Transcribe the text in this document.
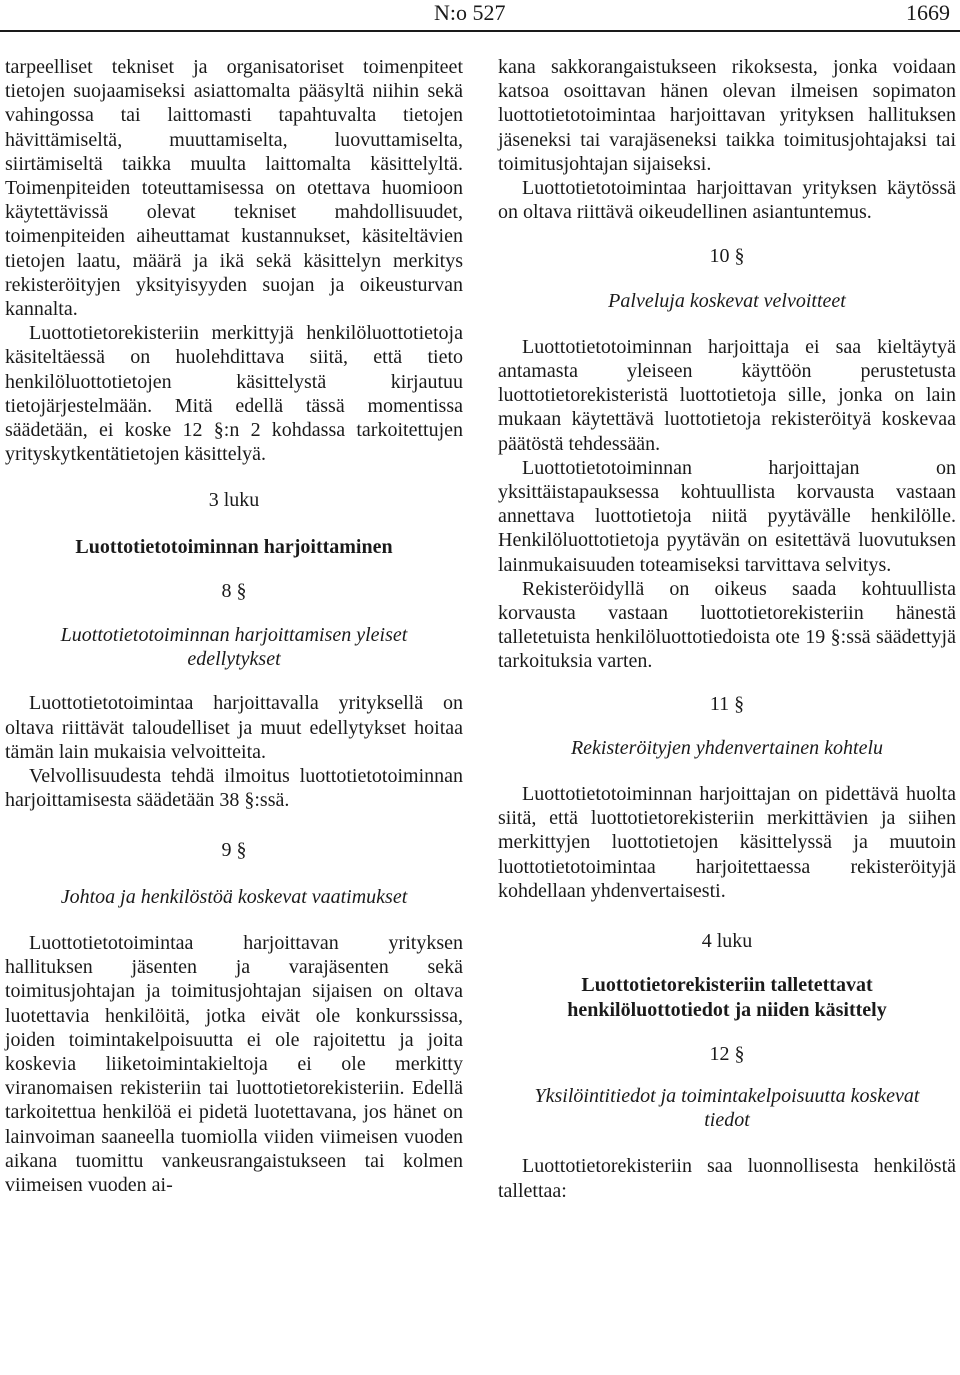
N:o 527	1669

tarpeelliset tekniset ja organisatoriset toimenpiteet tietojen suojaamiseksi asiattomalta pääsyltä niihin sekä vahingossa tai laittomasti tapahtuvalta tietojen hävittämiseltä, muuttamiselta, luovuttamiselta, siirtämiseltä taikka muulta laittomalta käsittelyltä. Toimenpiteiden toteuttamisessa on otettava huomioon käytettävissä olevat tekniset mahdollisuudet, toimenpiteiden aiheuttamat kustannukset, käsiteltävien tietojen laatu, määrä ja ikä sekä käsittelyn merkitys rekisteröityjen yksityisyyden suojan ja oikeusturvan kannalta.

Luottotietorekisteriin merkittyjä henkilöluottotietoja käsiteltäessä on huolehdittava siitä, että tieto henkilöluottotietojen käsittelystä kirjautuu tietojärjestelmään. Mitä edellä tässä momentissa säädetään, ei koske 12 §:n 2 kohdassa tarkoitettujen yrityskytkentätietojen käsittelyä.

3 luku
Luottotietotoiminnan harjoittaminen
8 §
Luottotietotoiminnan harjoittamisen yleiset edellytykset

Luottotietotoimintaa harjoittavalla yrityksellä on oltava riittävät taloudelliset ja muut edellytykset hoitaa tämän lain mukaisia velvoitteita.

Velvollisuudesta tehdä ilmoitus luottotietotoiminnan harjoittamisesta säädetään 38 §:ssä.

9 §
Johtoa ja henkilöstöä koskevat vaatimukset

Luottotietotoimintaa harjoittavan yrityksen hallituksen jäsenten ja varajäsenten sekä toimitusjohtajan ja toimitusjohtajan sijaisen on oltava luotettavia henkilöitä, jotka eivät ole konkurssissa, joiden toimintakelpoisuutta ei ole rajoitettu ja joita koskevia liiketoimintakieltoja ei ole merkitty viranomaisen rekisteriin tai luottotietorekisteriin. Edellä tarkoitettua henkilöä ei pidetä luotettavana, jos hänet on lainvoiman saaneella tuomiolla viiden viimeisen vuoden aikana tuomittu vankeusrangaistukseen tai kolmen viimeisen vuoden ai-

kana sakkorangaistukseen rikoksesta, jonka voidaan katsoa osoittavan hänen olevan ilmeisen sopimaton luottotietotoimintaa harjoittavan yrityksen hallituksen jäseneksi tai varajäseneksi taikka toimitusjohtajaksi tai toimitusjohtajan sijaiseksi.

Luottotietotoimintaa harjoittavan yrityksen käytössä on oltava riittävä oikeudellinen asiantuntemus.

10 §
Palveluja koskevat velvoitteet

Luottotietotoiminnan harjoittaja ei saa kieltäytyä antamasta yleiseen käyttöön perustetusta luottotietorekisteristä luottotietoja sille, jonka on lain mukaan käytettävä luottotietoja rekisteröityä koskevaa päätöstä tehdessään.

Luottotietotoiminnan harjoittajan on yksittäistapauksessa kohtuullista korvausta vastaan annettava luottotietoja niitä pyytävälle henkilölle. Henkilöluottotietoja pyytävän on esitettävä luovutuksen lainmukaisuuden toteamiseksi tarvittava selvitys.

Rekisteröidyllä on oikeus saada kohtuullista korvausta vastaan luottotietorekisteriin hänestä talletetuista henkilöluottotiedoista ote 19 §:ssä säädettyjä tarkoituksia varten.

11 §
Rekisteröityjen yhdenvertainen kohtelu

Luottotietotoiminnan harjoittajan on pidettävä huolta siitä, että luottotietorekisteriin merkittävien ja siihen merkittyjen luottotietojen käsittelyssä ja muutoin luottotietotoimintaa harjoitettaessa rekisteröityjä kohdellaan yhdenvertaisesti.

4 luku
Luottotietorekisteriin talletettavat henkilöluottotiedot ja niiden käsittely
12 §
Yksilöintitiedot ja toimintakelpoisuutta koskevat tiedot

Luottotietorekisteriin saa luonnollisesta henkilöstä tallettaa:
